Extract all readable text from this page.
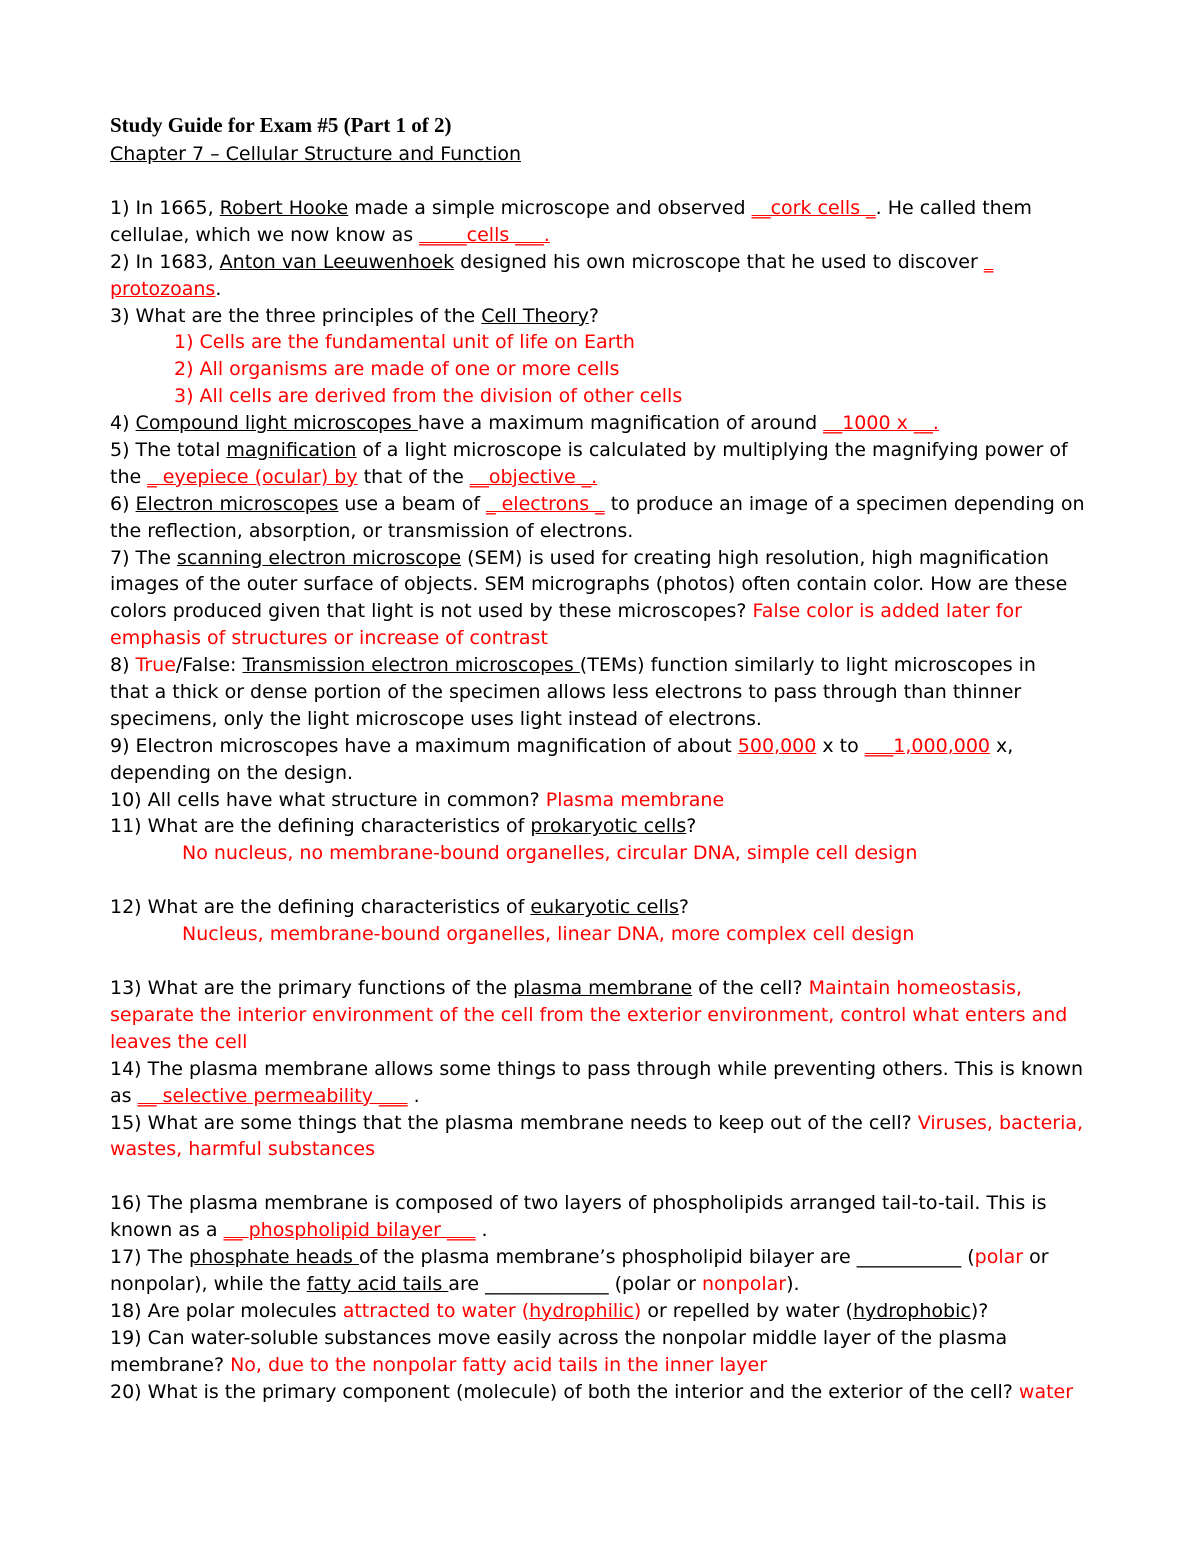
Study Guide for Exam #5 (Part 1 of 2)
Chapter 7 – Cellular Structure and Function
1) In 1665, Robert Hooke made a simple microscope and observed __cork cells _. He called them
cellulae, which we now know as _____cells ___.
2) In 1683, Anton van Leeuwenhoek designed his own microscope that he used to discover _
protozoans.
3) What are the three principles of the Cell Theory?
1) Cells are the fundamental unit of life on Earth
2) All organisms are made of one or more cells
3) All cells are derived from the division of other cells
4) Compound light microscopes have a maximum magnification of around __1000 x __.
5) The total magnification of a light microscope is calculated by multiplying the magnifying power of
the _ eyepiece (ocular) by that of the __objective _.
6) Electron microscopes use a beam of _ electrons _ to produce an image of a specimen depending on
the reflection, absorption, or transmission of electrons.
7) The scanning electron microscope (SEM) is used for creating high resolution, high magnification
images of the outer surface of objects. SEM micrographs (photos) often contain color. How are these
colors produced given that light is not used by these microscopes? False color is added later for
emphasis of structures or increase of contrast
8) True/False: Transmission electron microscopes (TEMs) function similarly to light microscopes in
that a thick or dense portion of the specimen allows less electrons to pass through than thinner
specimens, only the light microscope uses light instead of electrons.
9) Electron microscopes have a maximum magnification of about 500,000 x to ___1,000,000 x,
depending on the design.
10) All cells have what structure in common? Plasma membrane
11) What are the defining characteristics of prokaryotic cells?
No nucleus, no membrane-bound organelles, circular DNA, simple cell design
12) What are the defining characteristics of eukaryotic cells?
Nucleus, membrane-bound organelles, linear DNA, more complex cell design
13) What are the primary functions of the plasma membrane of the cell? Maintain homeostasis,
separate the interior environment of the cell from the exterior environment, control what enters and
leaves the cell
14) The plasma membrane allows some things to pass through while preventing others. This is known
as __ selective permeability ___ .
15) What are some things that the plasma membrane needs to keep out of the cell? Viruses, bacteria,
wastes, harmful substances
16) The plasma membrane is composed of two layers of phospholipids arranged tail-to-tail. This is
known as a __ phospholipid bilayer ___ .
17) The phosphate heads of the plasma membrane’s phospholipid bilayer are ___________ (polar or
nonpolar), while the fatty acid tails are _____________ (polar or nonpolar).
18) Are polar molecules attracted to water (hydrophilic) or repelled by water (hydrophobic)?
19) Can water-soluble substances move easily across the nonpolar middle layer of the plasma
membrane? No, due to the nonpolar fatty acid tails in the inner layer
20) What is the primary component (molecule) of both the interior and the exterior of the cell? water
